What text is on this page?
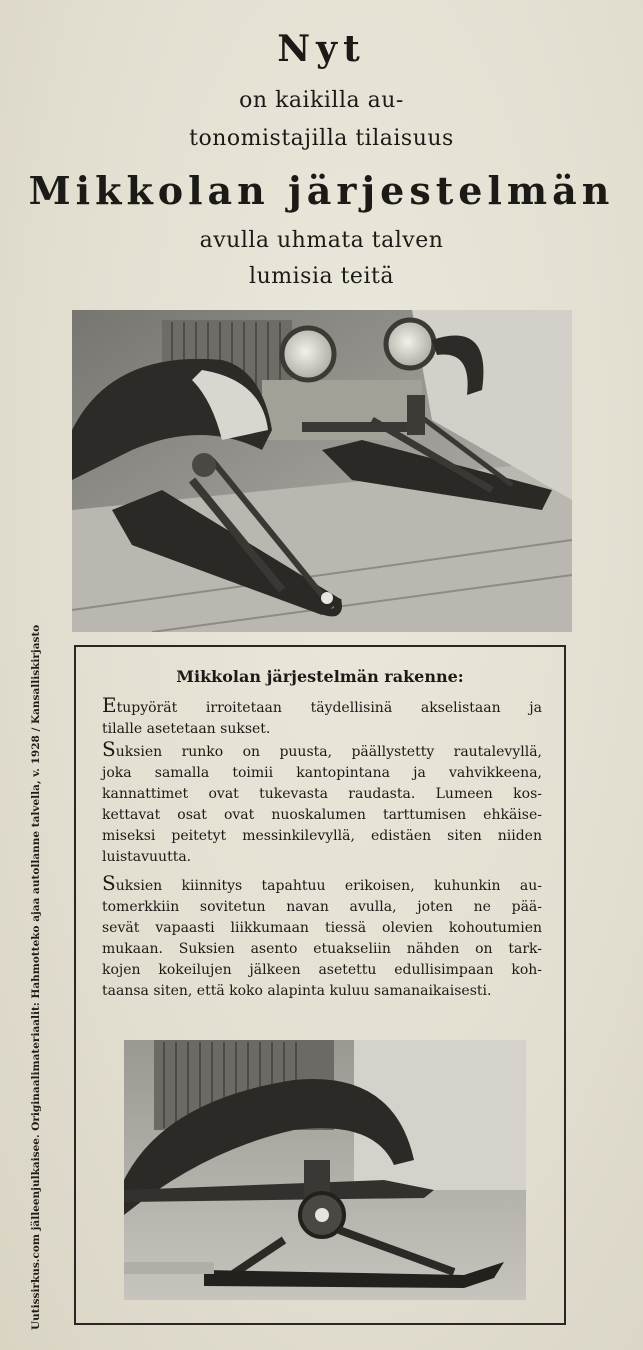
Nyt
on kaikilla au-
tonomistajilla tilaisuus
Mikkolan järjestelmän
avulla uhmata talven
lumisia teitä
Mikkolan järjestelmän rakenne:
Etupyörät irroitetaan täydellisinä akselistaan ja
tilalle asetetaan sukset.
Suksien runko on puusta, päällystetty rautalevyllä,
joka samalla toimii kantopintana ja vahvikkeena,
kannattimet ovat tukevasta raudasta. Lumeen kos-
kettavat osat ovat nuoskalumen tarttumisen ehkäise-
miseksi peitetyt messinkilevyllä, edistäen siten niiden
luistavuutta.
Suksien kiinnitys tapahtuu erikoisen, kuhunkin au-
tomerkkiin sovitetun navan avulla, joten ne pää-
sevät vapaasti liikkumaan tiessä olevien kohoutumien
mukaan. Suksien asento etuakseliin nähden on tark-
kojen kokeilujen jälkeen asetettu edullisimpaan koh-
taansa siten, että koko alapinta kuluu samanaikaisesti.
Uutissirkus.com jälleenjulkaisee. Originaalimateriaalit: Hahmotteko ajaa autollanne talvella, v. 1928 / Kansalliskirjasto
